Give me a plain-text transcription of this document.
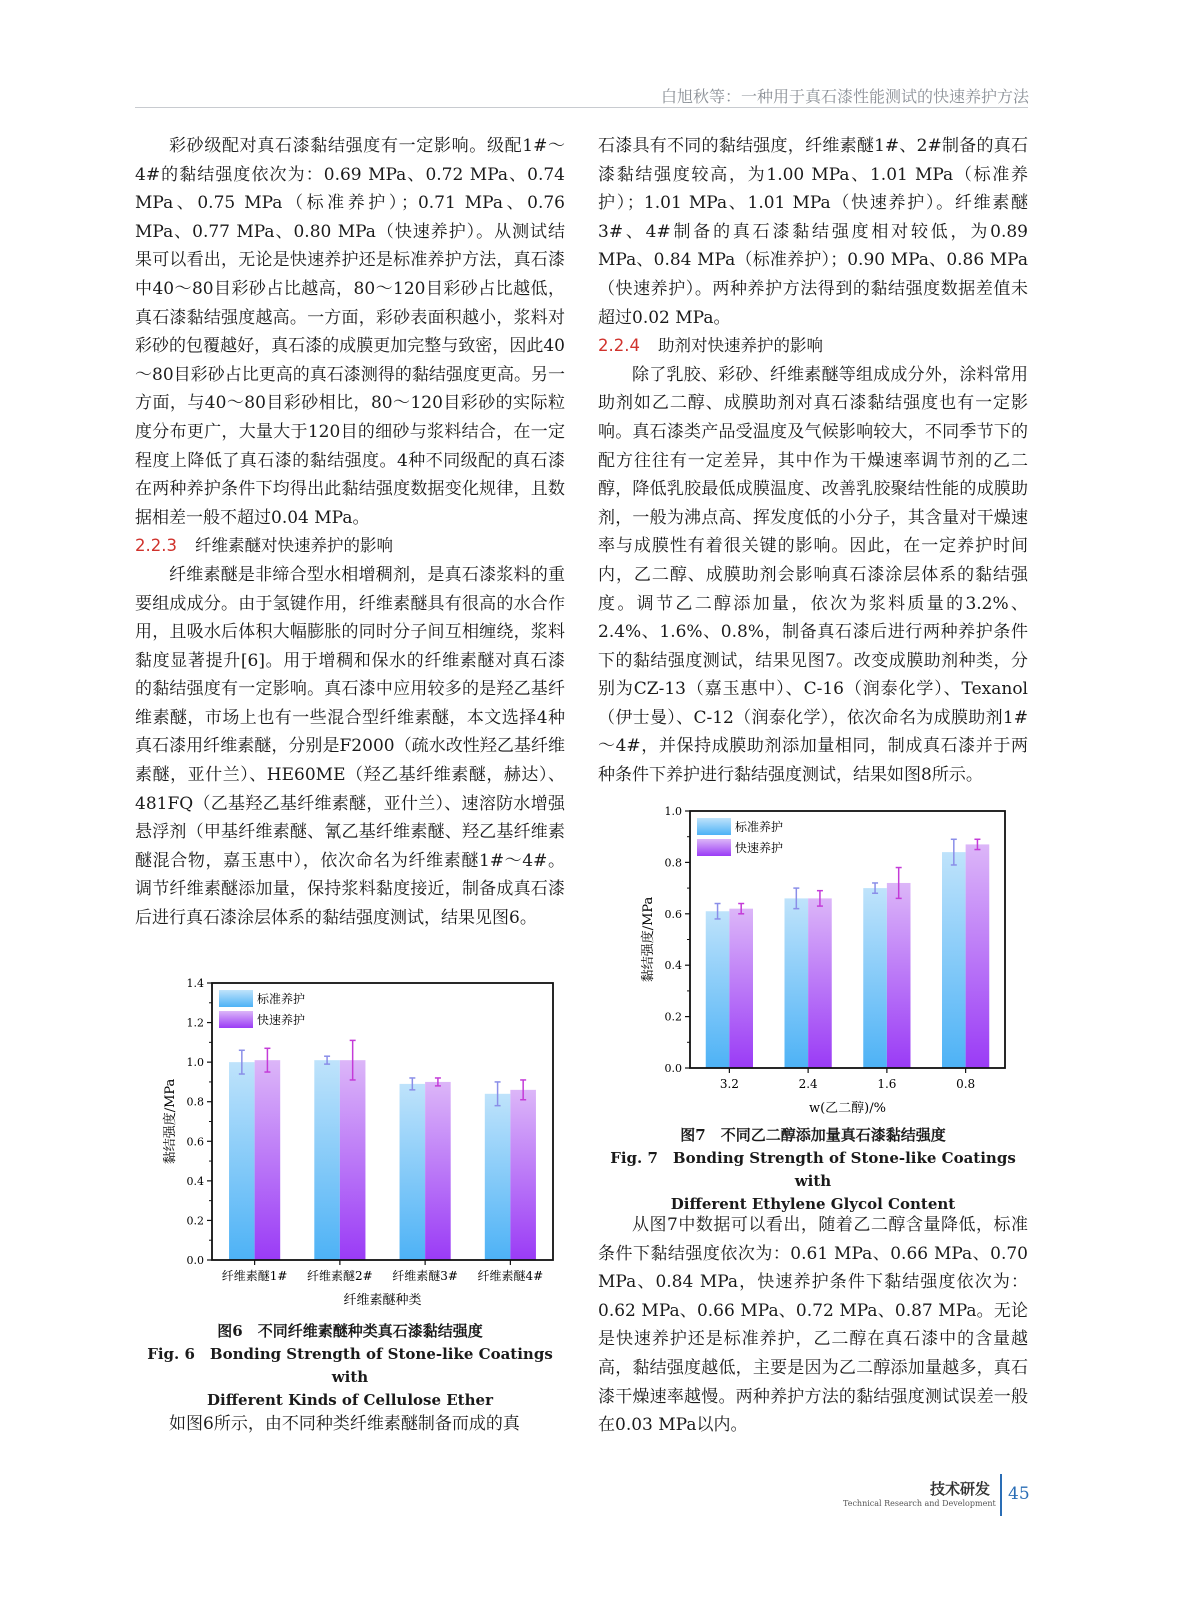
白旭秋等：一种用于真石漆性能测试的快速养护方法

彩砂级配对真石漆黏结强度有一定影响。级配1#～4#的黏结强度依次为：0.69 MPa、0.72 MPa、0.74 MPa、0.75 MPa（标准养护）；0.71 MPa、0.76 MPa、0.77 MPa、0.80 MPa（快速养护）。从测试结果可以看出，无论是快速养护还是标准养护方法，真石漆中40～80目彩砂占比越高，80～120目彩砂占比越低，真石漆黏结强度越高。一方面，彩砂表面积越小，浆料对彩砂的包覆越好，真石漆的成膜更加完整与致密，因此40～80目彩砂占比更高的真石漆测得的黏结强度更高。另一方面，与40～80目彩砂相比，80～120目彩砂的实际粒度分布更广，大量大于120目的细砂与浆料结合，在一定程度上降低了真石漆的黏结强度。4种不同级配的真石漆在两种养护条件下均得出此黏结强度数据变化规律，且数据相差一般不超过0.04 MPa。

2.2.3 纤维素醚对快速养护的影响

纤维素醚是非缔合型水相增稠剂，是真石漆浆料的重要组成成分。由于氢键作用，纤维素醚具有很高的水合作用，且吸水后体积大幅膨胀的同时分子间互相缠绕，浆料黏度显著提升[6]。用于增稠和保水的纤维素醚对真石漆的黏结强度有一定影响。真石漆中应用较多的是羟乙基纤维素醚，市场上也有一些混合型纤维素醚，本文选择4种真石漆用纤维素醚，分别是F2000（疏水改性羟乙基纤维素醚，亚什兰）、HE60ME（羟乙基纤维素醚，赫达）、481FQ（乙基羟乙基纤维素醚，亚什兰）、速溶防水增强悬浮剂（甲基纤维素醚、氰乙基纤维素醚、羟乙基纤维素醚混合物，嘉玉惠中），依次命名为纤维素醚1#～4#。调节纤维素醚添加量，保持浆料黏度接近，制备成真石漆后进行真石漆涂层体系的黏结强度测试，结果见图6。

0.0
0.2
0.4
0.6
0.8
1.0
1.2
1.4
纤维素醚1# 纤维素醚2# 纤维素醚3# 纤维素醚4#
纤维素醚种类
黏结强度/MPa
标准养护
快速养护
图6　不同纤维素醚种类真石漆黏结强度
Fig. 6　Bonding Strength of Stone-like Coatings with
Different Kinds of Cellulose Ether

如图6所示，由不同种类纤维素醚制备而成的真

石漆具有不同的黏结强度，纤维素醚1#、2#制备的真石漆黏结强度较高，为1.00 MPa、1.01 MPa（标准养护）；1.01 MPa、1.01 MPa（快速养护）。纤维素醚3#、4#制备的真石漆黏结强度相对较低，为0.89 MPa、0.84 MPa（标准养护）；0.90 MPa、0.86 MPa（快速养护）。两种养护方法得到的黏结强度数据差值未超过0.02 MPa。

2.2.4 助剂对快速养护的影响

除了乳胶、彩砂、纤维素醚等组成成分外，涂料常用助剂如乙二醇、成膜助剂对真石漆黏结强度也有一定影响。真石漆类产品受温度及气候影响较大，不同季节下的配方往往有一定差异，其中作为干燥速率调节剂的乙二醇，降低乳胶最低成膜温度、改善乳胶聚结性能的成膜助剂，一般为沸点高、挥发度低的小分子，其含量对干燥速率与成膜性有着很关键的影响。因此，在一定养护时间内，乙二醇、成膜助剂会影响真石漆涂层体系的黏结强度。调节乙二醇添加量，依次为浆料质量的3.2%、2.4%、1.6%、0.8%，制备真石漆后进行两种养护条件下的黏结强度测试，结果见图7。改变成膜助剂种类，分别为CZ-13（嘉玉惠中）、C-16（润泰化学）、Texanol（伊士曼）、C-12（润泰化学），依次命名为成膜助剂1#～4#，并保持成膜助剂添加量相同，制成真石漆并于两种条件下养护进行黏结强度测试，结果如图8所示。

0.0
0.2
0.4
0.6
0.8
1.0
3.2	2.4	1.6	0.8
w(乙二醇)/%
黏结强度/MPa
标准养护
快速养护
图7　不同乙二醇添加量真石漆黏结强度
Fig. 7　Bonding Strength of Stone-like Coatings with
Different Ethylene Glycol Content

从图7中数据可以看出，随着乙二醇含量降低，标准条件下黏结强度依次为：0.61 MPa、0.66 MPa、0.70 MPa、0.84 MPa，快速养护条件下黏结强度依次为：0.62 MPa、0.66 MPa、0.72 MPa、0.87 MPa。无论是快速养护还是标准养护，乙二醇在真石漆中的含量越高，黏结强度越低，主要是因为乙二醇添加量越多，真石漆干燥速率越慢。两种养护方法的黏结强度测试误差一般在0.03 MPa以内。

技术研发
Technical Research and Development 45
